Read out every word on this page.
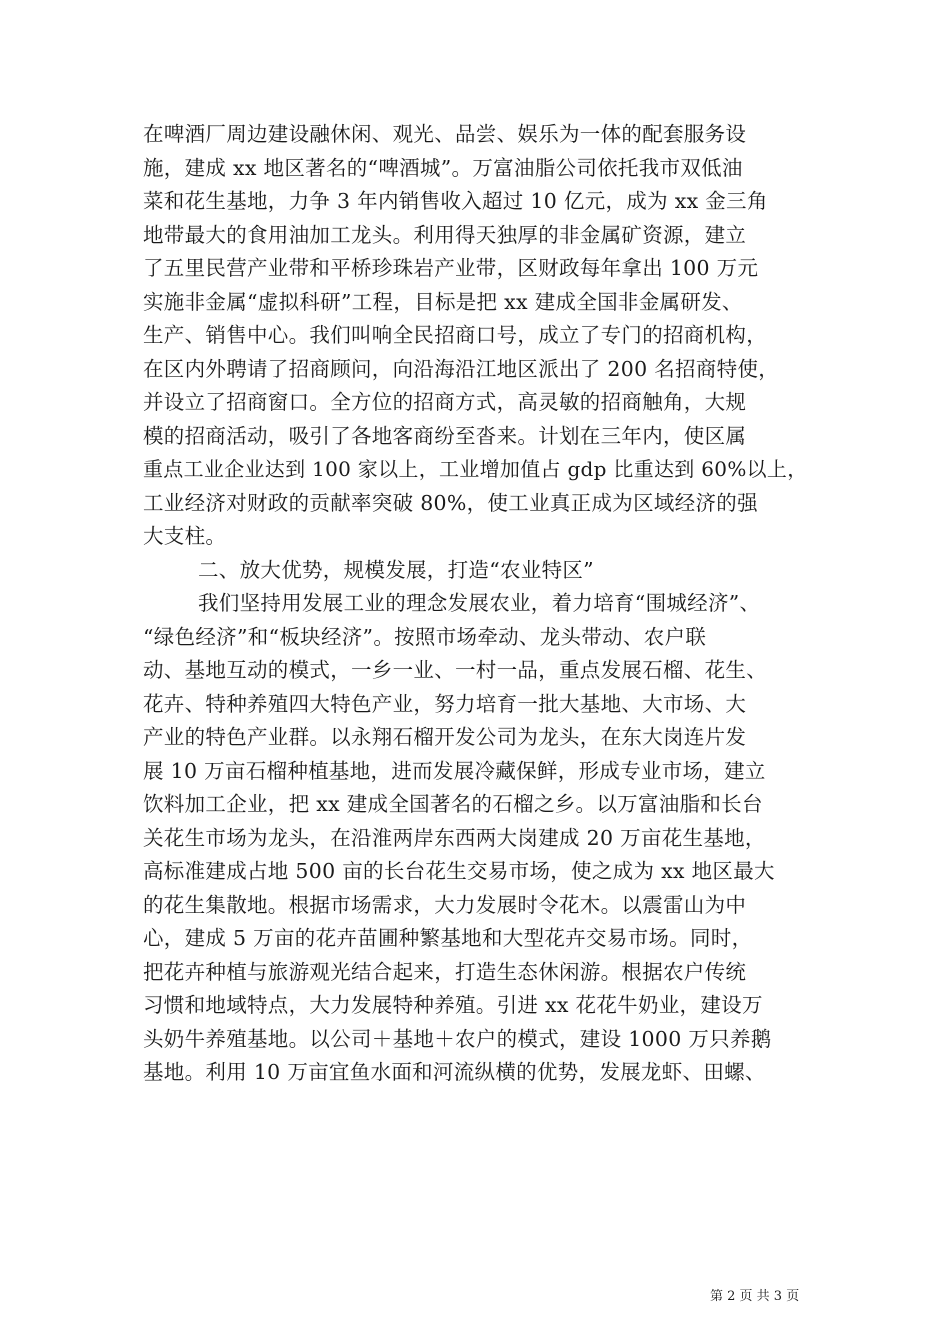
在啤酒厂周边建设融休闲、观光、品尝、娱乐为一体的配套服务设
施，建成 xx 地区著名的“啤酒城”。万富油脂公司依托我市双低油
菜和花生基地，力争 3 年内销售收入超过 10 亿元，成为 xx 金三角
地带最大的食用油加工龙头。利用得天独厚的非金属矿资源，建立
了五里民营产业带和平桥珍珠岩产业带，区财政每年拿出 100 万元
实施非金属“虚拟科研”工程，目标是把 xx 建成全国非金属研发、
生产、销售中心。我们叫响全民招商口号，成立了专门的招商机构，
在区内外聘请了招商顾问，向沿海沿江地区派出了 200 名招商特使，
并设立了招商窗口。全方位的招商方式，高灵敏的招商触角，大规
模的招商活动，吸引了各地客商纷至沓来。计划在三年内，使区属
重点工业企业达到 100 家以上，工业增加值占 gdp 比重达到 60%以上，
工业经济对财政的贡献率突破 80%，使工业真正成为区域经济的强
大支柱。
二、放大优势，规模发展，打造“农业特区”
我们坚持用发展工业的理念发展农业，着力培育“围城经济”、
“绿色经济”和“板块经济”。按照市场牵动、龙头带动、农户联
动、基地互动的模式，一乡一业、一村一品，重点发展石榴、花生、
花卉、特种养殖四大特色产业，努力培育一批大基地、大市场、大
产业的特色产业群。以永翔石榴开发公司为龙头，在东大岗连片发
展 10 万亩石榴种植基地，进而发展冷藏保鲜，形成专业市场，建立
饮料加工企业，把 xx 建成全国著名的石榴之乡。以万富油脂和长台
关花生市场为龙头，在沿淮两岸东西两大岗建成 20 万亩花生基地，
高标准建成占地 500 亩的长台花生交易市场，使之成为 xx 地区最大
的花生集散地。根据市场需求，大力发展时令花木。以震雷山为中
心，建成 5 万亩的花卉苗圃种繁基地和大型花卉交易市场。同时，
把花卉种植与旅游观光结合起来，打造生态休闲游。根据农户传统
习惯和地域特点，大力发展特种养殖。引进 xx 花花牛奶业，建设万
头奶牛养殖基地。以公司＋基地＋农户的模式，建设 1000 万只养鹅
基地。利用 10 万亩宜鱼水面和河流纵横的优势，发展龙虾、田螺、
第 2 页 共 3 页
